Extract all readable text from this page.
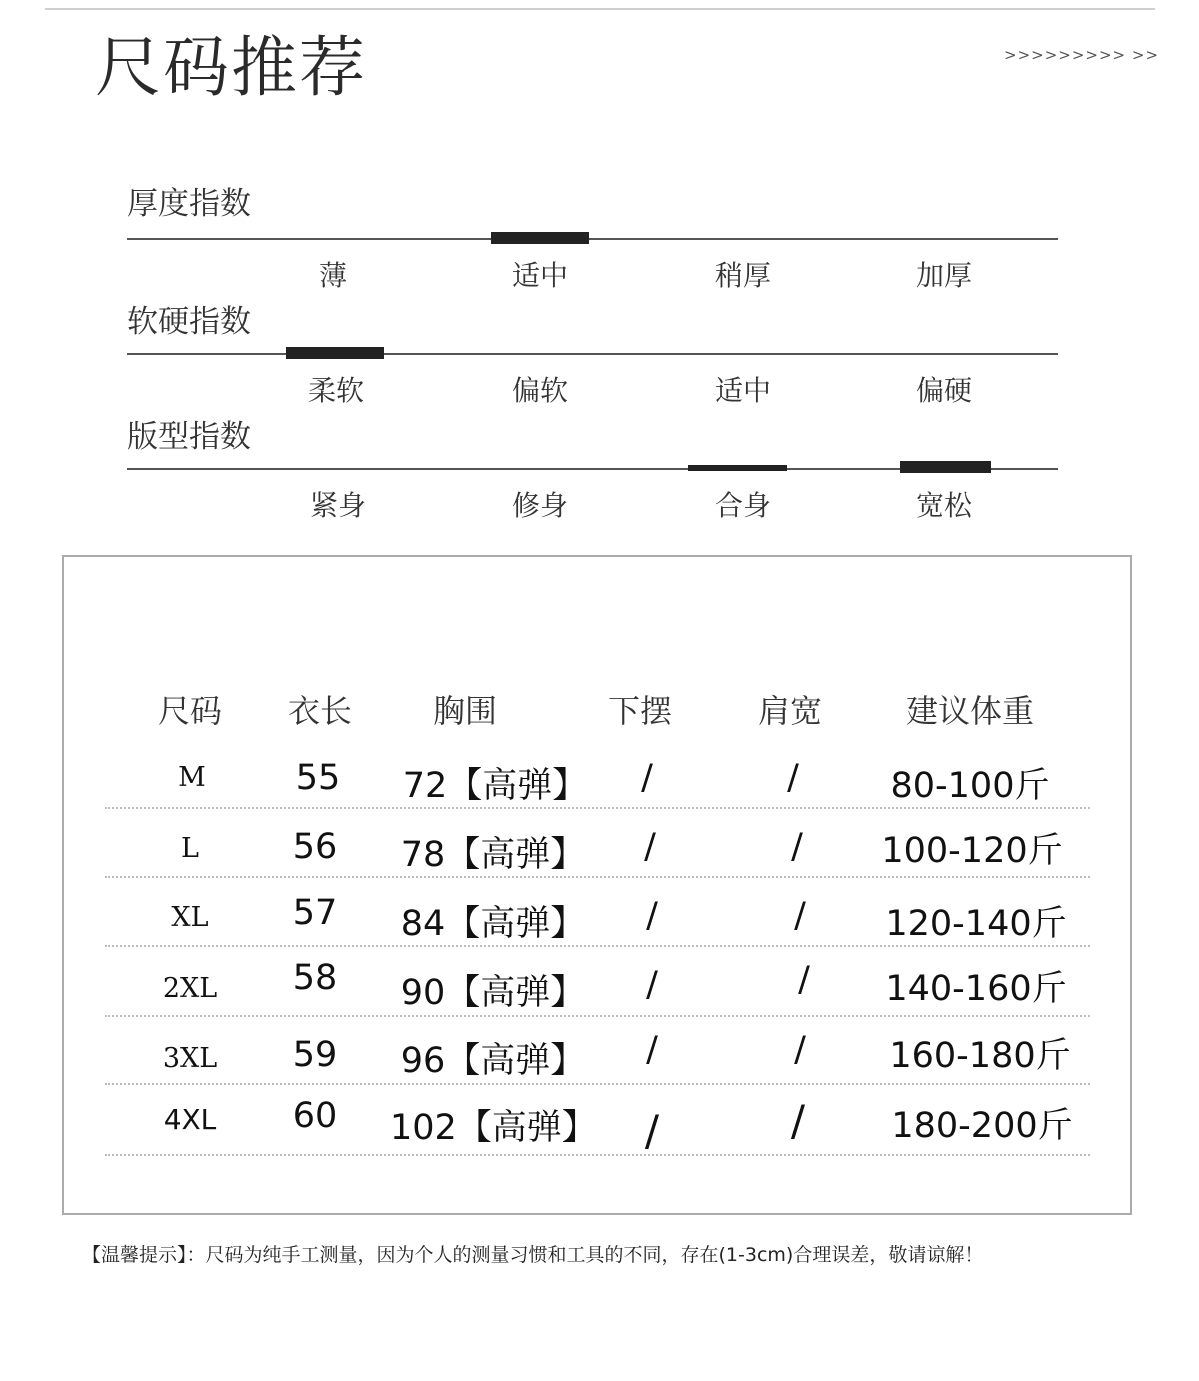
尺码推荐	>>>>>>>>> >>
厚度指数
薄	适中	稍厚	加厚
软硬指数
柔软	偏软	适中	偏硬
版型指数
紧身	修身	合身	宽松
尺码	衣长	胸围	下摆	肩宽	建议体重
M	55	72【高弹】	/	/	80-100斤
L	56	78【高弹】	/	/	100-120斤
XL	57	84【高弹】	/	/	120-140斤
2XL	58	90【高弹】	/	/	140-160斤
3XL	59	96【高弹】	/	/	160-180斤
4XL	60	102【高弹】	/	/	180-200斤
【温馨提示】：尺码为纯手工测量，因为个人的测量习惯和工具的不同，存在(1-3cm)合理误差，敬请谅解！
